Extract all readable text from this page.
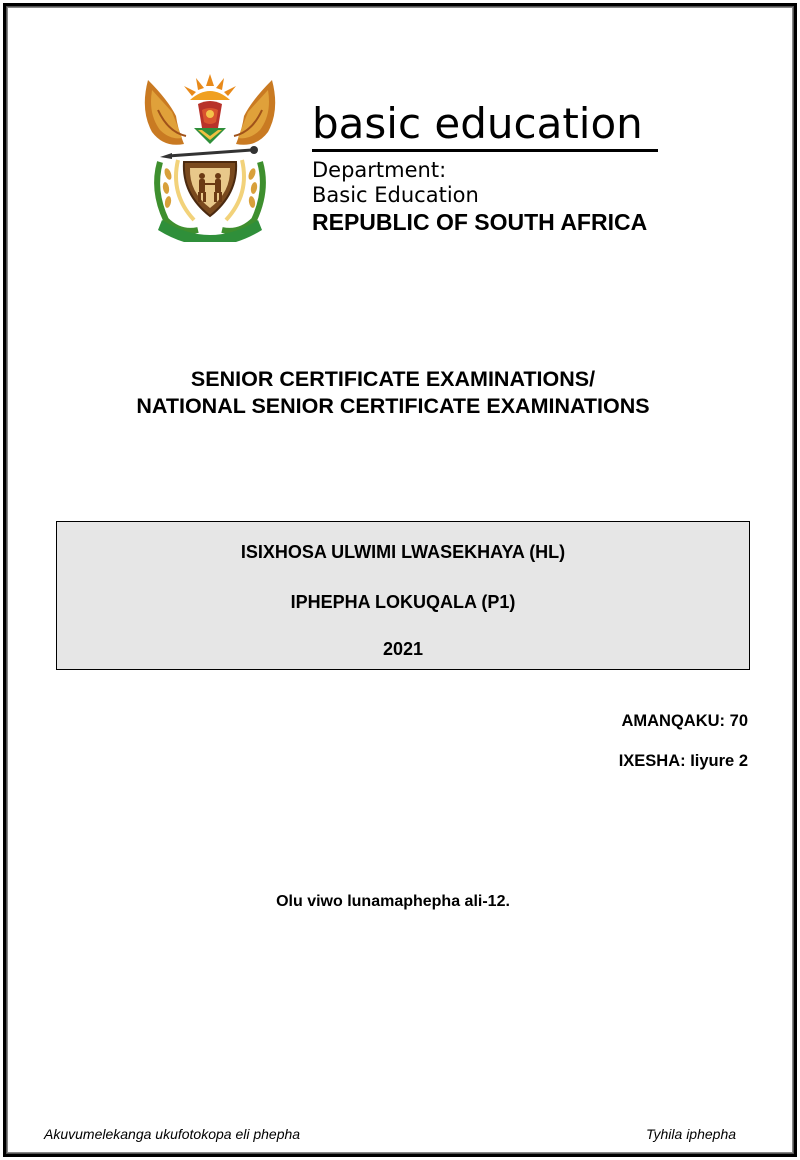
basic education
Department:
Basic Education
REPUBLIC OF SOUTH AFRICA
SENIOR CERTIFICATE EXAMINATIONS/
NATIONAL SENIOR CERTIFICATE EXAMINATIONS
ISIXHOSA ULWIMI LWASEKHAYA (HL)
IPHEPHA LOKUQALA (P1)
2021
AMANQAKU: 70
IXESHA: Iiyure 2
Olu viwo lunamaphepha ali-12.
Akuvumelekanga ukufotokopa eli phepha	Tyhila iphepha
